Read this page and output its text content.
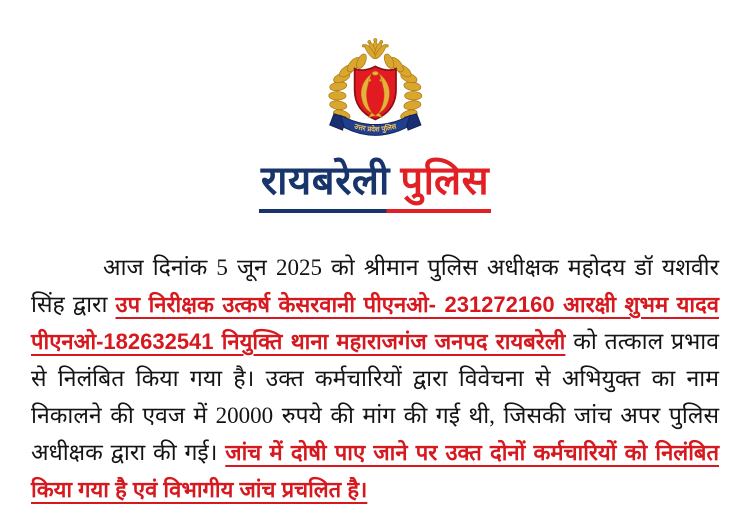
उत्तर प्रदेश पुलिस
रायबरेली पुलिस

आज दिनांक 5 जून 2025 को श्रीमान पुलिस अधीक्षक महोदय डॉ यशवीर सिंह द्वारा उप निरीक्षक उत्कर्ष केसरवानी पीएनओ- 231272160 आरक्षी शुभम यादव पीएनओ-182632541 नियुक्ति थाना महाराजगंज जनपद रायबरेली को तत्काल प्रभाव से निलंबित किया गया है। उक्त कर्मचारियों द्वारा विवेचना से अभियुक्त का नाम निकालने की एवज में 20000 रुपये की मांग की गई थी, जिसकी जांच अपर पुलिस अधीक्षक द्वारा की गई। जांच में दोषी पाए जाने पर उक्त दोनों कर्मचारियों को निलंबित किया गया है एवं विभागीय जांच प्रचलित है।
